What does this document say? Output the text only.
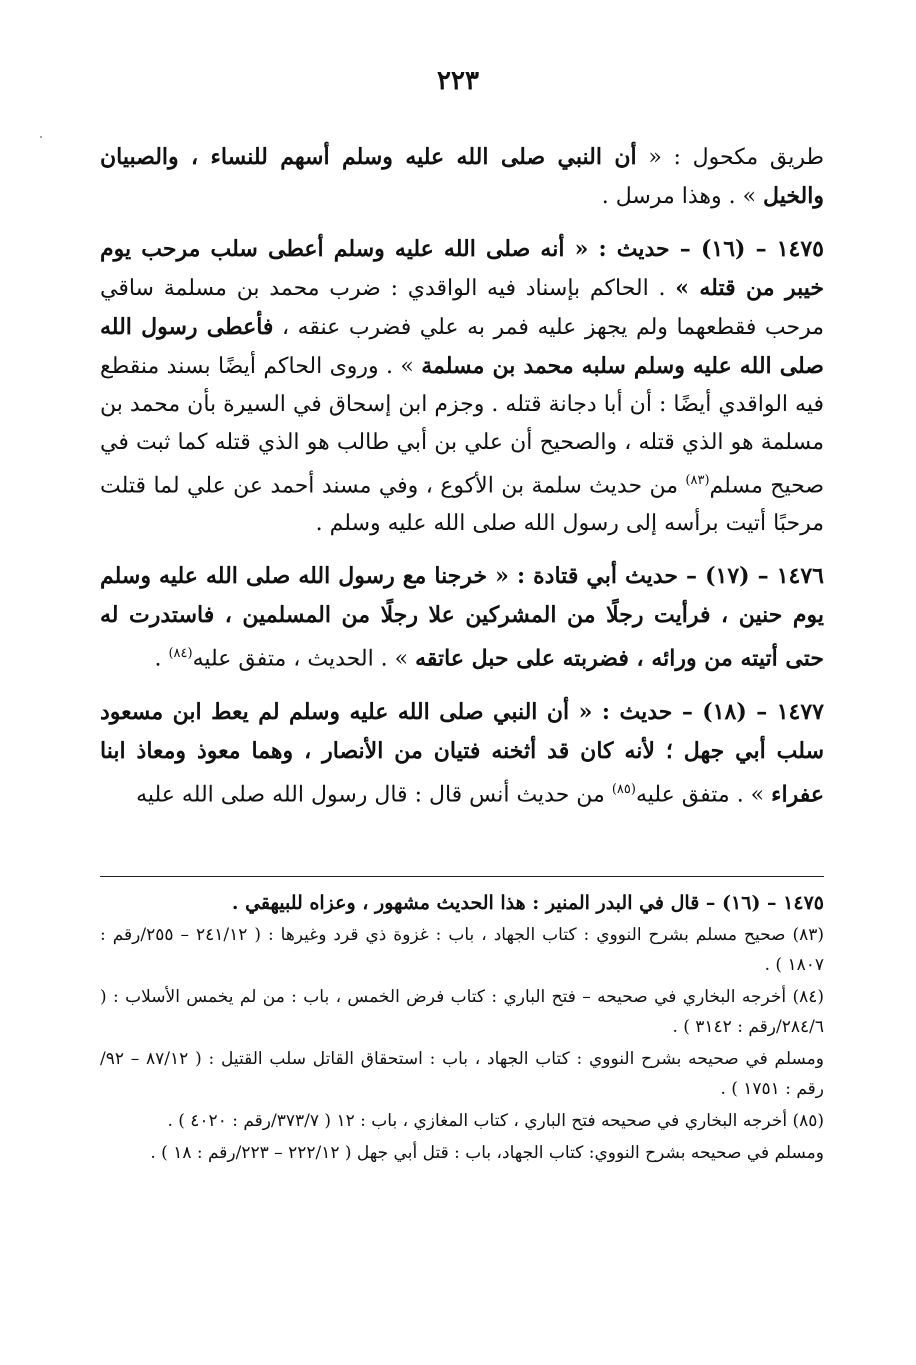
٢٢٣

طريق مكحول : « أن النبي صلى الله عليه وسلم أسهم للنساء ، والصبيان والخيل » . وهذا مرسل .

١٤٧٥ – (١٦) – حديث : « أنه صلى الله عليه وسلم أعطى سلب مرحب يوم خيبر من قتله » . الحاكم بإسناد فيه الواقدي : ضرب محمد بن مسلمة ساقي مرحب فقطعهما ولم يجهز عليه فمر به علي فضرب عنقه ، فأعطى رسول الله صلى الله عليه وسلم سلبه محمد بن مسلمة » . وروى الحاكم أيضًا بسند منقطع فيه الواقدي أيضًا : أن أبا دجانة قتله . وجزم ابن إسحاق في السيرة بأن محمد بن مسلمة هو الذي قتله ، والصحيح أن علي بن أبي طالب هو الذي قتله كما ثبت في صحيح مسلم$^{(٨٣)}$ من حديث سلمة بن الأكوع ، وفي مسند أحمد عن علي لما قتلت مرحبًا أتيت برأسه إلى رسول الله صلى الله عليه وسلم .

١٤٧٦ – (١٧) – حديث أبي قتادة : « خرجنا مع رسول الله صلى الله عليه وسلم يوم حنين ، فرأيت رجلًا من المشركين علا رجلًا من المسلمين ، فاستدرت له حتى أتيته من ورائه ، فضربته على حبل عاتقه » . الحديث ، متفق عليه$^{(٨٤)}$ .

١٤٧٧ – (١٨) – حديث : « أن النبي صلى الله عليه وسلم لم يعط ابن مسعود سلب أبي جهل ؛ لأنه كان قد أثخنه فتيان من الأنصار ، وهما معوذ ومعاذ ابنا عفراء » . متفق عليه$^{(٨٥)}$ من حديث أنس قال : قال رسول الله صلى الله عليه

١٤٧٥ – (١٦) – قال في البدر المنير : هذا الحديث مشهور ، وعزاه للبيهقي .
(٨٣) صحيح مسلم بشرح النووي : كتاب الجهاد ، باب : غزوة ذي قرد وغيرها : ( ٢٤١/١٢ – ٢٥٥/رقم : ١٨٠٧ ) .
(٨٤) أخرجه البخاري في صحيحه – فتح الباري : كتاب فرض الخمس ، باب : من لم يخمس الأسلاب : ( ٢٨٤/٦/رقم : ٣١٤٢ ) .
ومسلم في صحيحه بشرح النووي : كتاب الجهاد ، باب : استحقاق القاتل سلب القتيل : ( ٨٧/١٢ – ٩٢/رقم : ١٧٥١ ) .
(٨٥) أخرجه البخاري في صحيحه فتح الباري ، كتاب المغازي ، باب : ١٢ ( ٣٧٣/٧/رقم : ٤٠٢٠ ) .
ومسلم في صحيحه بشرح النووي: كتاب الجهاد، باب : قتل أبي جهل ( ٢٢٢/١٢ – ٢٢٣/رقم : ١٨ ) .
